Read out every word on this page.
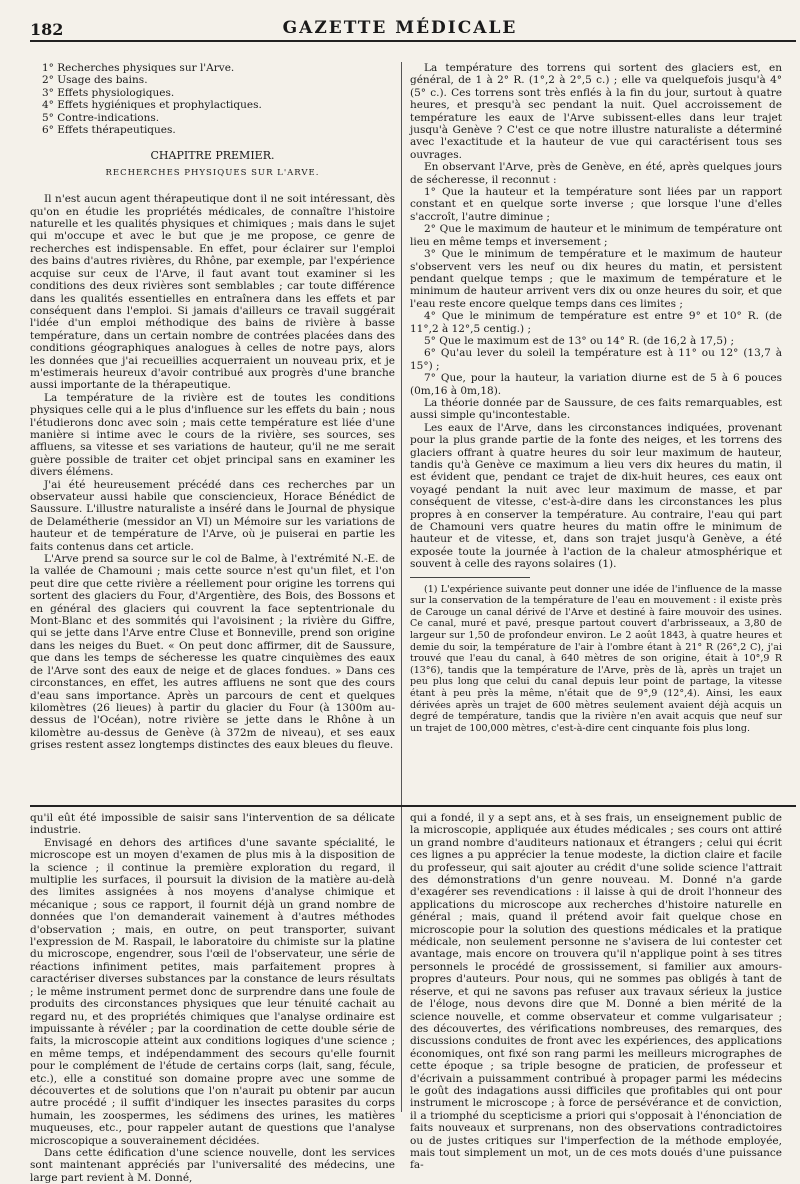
182	GAZETTE MÉDICALE
1° Recherches physiques sur l'Arve.
2° Usage des bains.
3° Effets physiologiques.
4° Effets hygiéniques et prophylactiques.
5° Contre-indications.
6° Effets thérapeutiques.
CHAPITRE PREMIER.
RECHERCHES PHYSIQUES SUR L'ARVE.

Il n'est aucun agent thérapeutique dont il ne soit intéressant, dès qu'on en étudie les propriétés médicales, de connaître l'histoire naturelle et les qualités physiques et chimiques ; mais dans le sujet qui m'occupe et avec le but que je me propose, ce genre de recherches est indispensable. En effet, pour éclairer sur l'emploi des bains d'autres rivières, du Rhône, par exemple, par l'expérience acquise sur ceux de l'Arve, il faut avant tout examiner si les conditions des deux rivières sont semblables ; car toute différence dans les qualités essentielles en entraînera dans les effets et par conséquent dans l'emploi. Si jamais d'ailleurs ce travail suggérait l'idée d'un emploi méthodique des bains de rivière à basse température, dans un certain nombre de contrées placées dans des conditions géographiques analogues à celles de notre pays, alors les données que j'ai recueillies acquerraient un nouveau prix, et je m'estimerais heureux d'avoir contribué aux progrès d'une branche aussi importante de la thérapeutique.

La température de la rivière est de toutes les conditions physiques celle qui a le plus d'influence sur les effets du bain ; nous l'étudierons donc avec soin ; mais cette température est liée d'une manière si intime avec le cours de la rivière, ses sources, ses affluens, sa vitesse et ses variations de hauteur, qu'il ne me serait guère possible de traiter cet objet principal sans en examiner les divers élémens.

J'ai été heureusement précédé dans ces recherches par un observateur aussi habile que consciencieux, Horace Bénédict de Saussure. L'illustre naturaliste a inséré dans le Journal de physique de Delamétherie (messidor an VI) un Mémoire sur les variations de hauteur et de température de l'Arve, où je puiserai en partie les faits contenus dans cet article.

L'Arve prend sa source sur le col de Balme, à l'extrémité N.-E. de la vallée de Chamouni ; mais cette source n'est qu'un filet, et l'on peut dire que cette rivière a réellement pour origine les torrens qui sortent des glaciers du Four, d'Argentière, des Bois, des Bossons et en général des glaciers qui couvrent la face septentrionale du Mont-Blanc et des sommités qui l'avoisinent ; la rivière du Giffre, qui se jette dans l'Arve entre Cluse et Bonneville, prend son origine dans les neiges du Buet. « On peut donc affirmer, dit de Saussure, que dans les temps de sécheresse les quatre cinquièmes des eaux de l'Arve sont des eaux de neige et de glaces fondues. » Dans ces circonstances, en effet, les autres affluens ne sont que des cours d'eau sans importance. Après un parcours de cent et quelques kilomètres (26 lieues) à partir du glacier du Four (à 1300m au-dessus de l'Océan), notre rivière se jette dans le Rhône à un kilomètre au-dessus de Genève (à 372m de niveau), et ses eaux grises restent assez longtemps distinctes des eaux bleues du fleuve.

La température des torrens qui sortent des glaciers est, en général, de 1 à 2° R. (1°,2 à 2°,5 c.) ; elle va quelquefois jusqu'à 4° (5° c.). Ces torrens sont très enflés à la fin du jour, surtout à quatre heures, et presqu'à sec pendant la nuit. Quel accroissement de température les eaux de l'Arve subissent-elles dans leur trajet jusqu'à Genève ? C'est ce que notre illustre naturaliste a déterminé avec l'exactitude et la hauteur de vue qui caractérisent tous ses ouvrages.

En observant l'Arve, près de Genève, en été, après quelques jours de sécheresse, il reconnut :

1° Que la hauteur et la température sont liées par un rapport constant et en quelque sorte inverse ; que lorsque l'une d'elles s'accroît, l'autre diminue ;

2° Que le maximum de hauteur et le minimum de température ont lieu en même temps et inversement ;

3° Que le minimum de température et le maximum de hauteur s'observent vers les neuf ou dix heures du matin, et persistent pendant quelque temps ; que le maximum de température et le minimum de hauteur arrivent vers dix ou onze heures du soir, et que l'eau reste encore quelque temps dans ces limites ;

4° Que le minimum de température est entre 9° et 10° R. (de 11°,2 à 12°,5 centig.) ;

5° Que le maximum est de 13° ou 14° R. (de 16,2 à 17,5) ;

6° Qu'au lever du soleil la température est à 11° ou 12° (13,7 à 15°) ;

7° Que, pour la hauteur, la variation diurne est de 5 à 6 pouces (0m,16 à 0m,18).

La théorie donnée par de Saussure, de ces faits remarquables, est aussi simple qu'incontestable.

Les eaux de l'Arve, dans les circonstances indiquées, provenant pour la plus grande partie de la fonte des neiges, et les torrens des glaciers offrant à quatre heures du soir leur maximum de hauteur, tandis qu'à Genève ce maximum a lieu vers dix heures du matin, il est évident que, pendant ce trajet de dix-huit heures, ces eaux ont voyagé pendant la nuit avec leur maximum de masse, et par conséquent de vitesse, c'est-à-dire dans les circonstances les plus propres à en conserver la température. Au contraire, l'eau qui part de Chamouni vers quatre heures du matin offre le minimum de hauteur et de vitesse, et, dans son trajet jusqu'à Genève, a été exposée toute la journée à l'action de la chaleur atmosphérique et souvent à celle des rayons solaires (1).

(1) L'expérience suivante peut donner une idée de l'influence de la masse sur la conservation de la température de l'eau en mouvement : il existe près de Carouge un canal dérivé de l'Arve et destiné à faire mouvoir des usines. Ce canal, muré et pavé, presque partout couvert d'arbrisseaux, a 3,80 de largeur sur 1,50 de profondeur environ. Le 2 août 1843, à quatre heures et demie du soir, la température de l'air à l'ombre étant à 21° R (26°,2 C), j'ai trouvé que l'eau du canal, à 640 mètres de son origine, était à 10°,9 R (13°6), tandis que la température de l'Arve, près de là, après un trajet un peu plus long que celui du canal depuis leur point de partage, la vitesse étant à peu près la même, n'était que de 9°,9 (12°,4). Ainsi, les eaux dérivées après un trajet de 600 mètres seulement avaient déjà acquis un degré de température, tandis que la rivière n'en avait acquis que neuf sur un trajet de 100,000 mètres, c'est-à-dire cent cinquante fois plus long.

qu'il eût été impossible de saisir sans l'intervention de sa délicate industrie.

Envisagé en dehors des artifices d'une savante spécialité, le microscope est un moyen d'examen de plus mis à la disposition de la science ; il continue la première exploration du regard, il multiplie les surfaces, il poursuit la division de la matière au-delà des limites assignées à nos moyens d'analyse chimique et mécanique ; sous ce rapport, il fournit déjà un grand nombre de données que l'on demanderait vainement à d'autres méthodes d'observation ; mais, en outre, on peut transporter, suivant l'expression de M. Raspail, le laboratoire du chimiste sur la platine du microscope, engendrer, sous l'œil de l'observateur, une série de réactions infiniment petites, mais parfaitement propres à caractériser diverses substances par la constance de leurs résultats ; le même instrument permet donc de surprendre dans une foule de produits des circonstances physiques que leur ténuité cachait au regard nu, et des propriétés chimiques que l'analyse ordinaire est impuissante à révéler ; par la coordination de cette double série de faits, la microscopie atteint aux conditions logiques d'une science ; en même temps, et indépendamment des secours qu'elle fournit pour le complément de l'étude de certains corps (lait, sang, fécule, etc.), elle a constitué son domaine propre avec une somme de découvertes et de solutions que l'on n'aurait pu obtenir par aucun autre procédé ; il suffit d'indiquer les insectes parasites du corps humain, les zoospermes, les sédimens des urines, les matières muqueuses, etc., pour rappeler autant de questions que l'analyse microscopique a souverainement décidées.

Dans cette édification d'une science nouvelle, dont les services sont maintenant appréciés par l'universalité des médecins, une large part revient à M. Donné,

qui a fondé, il y a sept ans, et à ses frais, un enseignement public de la microscopie, appliquée aux études médicales ; ses cours ont attiré un grand nombre d'auditeurs nationaux et étrangers ; celui qui écrit ces lignes a pu apprécier la tenue modeste, la diction claire et facile du professeur, qui sait ajouter au crédit d'une solide science l'attrait des démonstrations d'un genre nouveau. M. Donné n'a garde d'exagérer ses revendications : il laisse à qui de droit l'honneur des applications du microscope aux recherches d'histoire naturelle en général ; mais, quand il prétend avoir fait quelque chose en microscopie pour la solution des questions médicales et la pratique médicale, non seulement personne ne s'avisera de lui contester cet avantage, mais encore on trouvera qu'il n'applique point à ses titres personnels le procédé de grossissement, si familier aux amours-propres d'auteurs. Pour nous, qui ne sommes pas obligés à tant de réserve, et qui ne savons pas refuser aux travaux sérieux la justice de l'éloge, nous devons dire que M. Donné a bien mérité de la science nouvelle, et comme observateur et comme vulgarisateur ; des découvertes, des vérifications nombreuses, des remarques, des discussions conduites de front avec les expériences, des applications économiques, ont fixé son rang parmi les meilleurs micrographes de cette époque ; sa triple besogne de praticien, de professeur et d'écrivain a puissamment contribué à propager parmi les médecins le goût des indagations aussi difficiles que profitables qui ont pour instrument le microscope ; à force de persévérance et de conviction, il a triomphé du scepticisme a priori qui s'opposait à l'énonciation de faits nouveaux et surprenans, non des observations contradictoires ou de justes critiques sur l'imperfection de la méthode employée, mais tout simplement un mot, un de ces mots doués d'une puissance fa-
